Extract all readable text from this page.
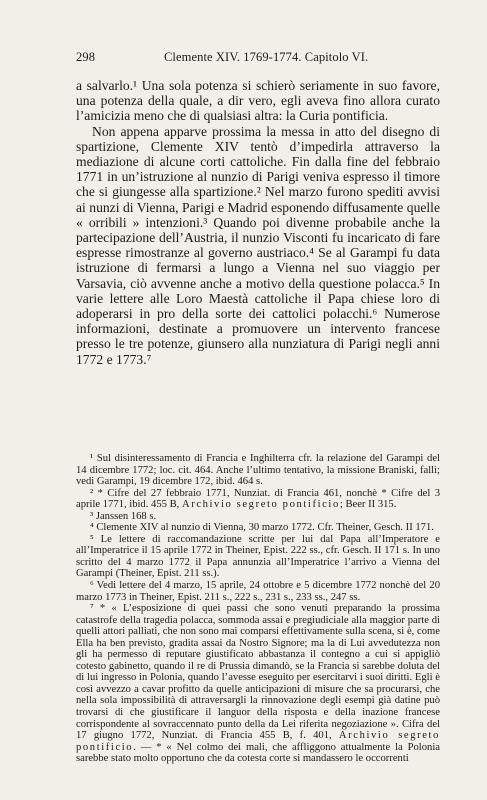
298	Clemente XIV. 1769-1774. Capitolo VI.

a salvarlo.¹ Una sola potenza si schierò seriamente in suo favore, una potenza della quale, a dir vero, egli aveva fino allora curato l’amicizia meno che di qualsiasi altra: la Curia pontificia.

Non appena apparve prossima la messa in atto del disegno di spartizione, Clemente XIV tentò d’impedirla attraverso la mediazione di alcune corti cattoliche. Fin dalla fine del febbraio 1771 in un’istruzione al nunzio di Parigi veniva espresso il timore che si giungesse alla spartizione.² Nel marzo furono spediti avvisi ai nunzi di Vienna, Parigi e Madrid esponendo diffusamente quelle « orribili » intenzioni.³ Quando poi divenne probabile anche la partecipazione dell’Austria, il nunzio Visconti fu incaricato di fare espresse rimostranze al governo austriaco.⁴ Se al Garampi fu data istruzione di fermarsi a lungo a Vienna nel suo viaggio per Varsavia, ciò avvenne anche a motivo della questione polacca.⁵ In varie lettere alle Loro Maestà cattoliche il Papa chiese loro di adoperarsi in pro della sorte dei cattolici polacchi.⁶ Numerose informazioni, destinate a promuovere un intervento francese presso le tre potenze, giunsero alla nunziatura di Parigi negli anni 1772 e 1773.⁷

¹ Sul disinteressamento di Francia e Inghilterra cfr. la relazione del Garampi del 14 dicembre 1772; loc. cit. 464. Anche l’ultimo tentativo, la missione Braniski, fallì; vedi Garampi, 19 dicembre 172, ibid. 464 s.

² * Cifre del 27 febbraio 1771, Nunziat. di Francia 461, nonchè * Cifre del 3 aprile 1771, ibid. 455 B, Archivio segreto pontificio; Beer II 315.

³ Janssen 168 s.

⁴ Clemente XIV al nunzio di Vienna, 30 marzo 1772. Cfr. Theiner, Gesch. II 171.

⁵ Le lettere di raccomandazione scritte per lui dal Papa all’Imperatore e all’Imperatrice il 15 aprile 1772 in Theiner, Epist. 222 ss., cfr. Gesch. II 171 s. In uno scritto del 4 marzo 1772 il Papa annunzia all’Imperatrice l’arrivo a Vienna del Garampi (Theiner, Epist. 211 ss.).

⁶ Vedi lettere del 4 marzo, 15 aprile, 24 ottobre e 5 dicembre 1772 nonchè del 20 marzo 1773 in Theiner, Epist. 211 s., 222 s., 231 s., 233 ss., 247 ss.

⁷ * « L’esposizione di quei passi che sono venuti preparando la prossima catastrofe della tragedia polacca, sommoda assai e pregiudiciale alla maggior parte di quelli attori palliati, che non sono mai comparsi effettivamente sulla scena, si è, come Ella ha ben previsto, gradita assai da Nostro Signore; ma la di Lui avvedutezza non gli ha permesso di reputare giustificato abbastanza il contegno a cui si appigliò cotesto gabinetto, quando il re di Prussia dimandò, se la Francia si sarebbe doluta del di lui ingresso in Polonia, quando l’avesse eseguito per esercitarvi i suoi diritti. Egli è così avvezzo a cavar profitto da quelle anticipazioni di misure che sa procurarsi, che nella sola impossibilità di attraversargli la rinnovazione degli esempi già datine può trovarsi di che giustificare il languor della risposta e della inazione francese corrispondente al sovraccennato punto della da Lei riferita negoziazione ». Cifra del 17 giugno 1772, Nunziat. di Francia 455 B, f. 401, Archivio segreto pontificio. — * « Nel colmo dei mali, che affliggono attualmente la Polonia sarebbe stato molto opportuno che da cotesta corte si mandassero le occorrenti
